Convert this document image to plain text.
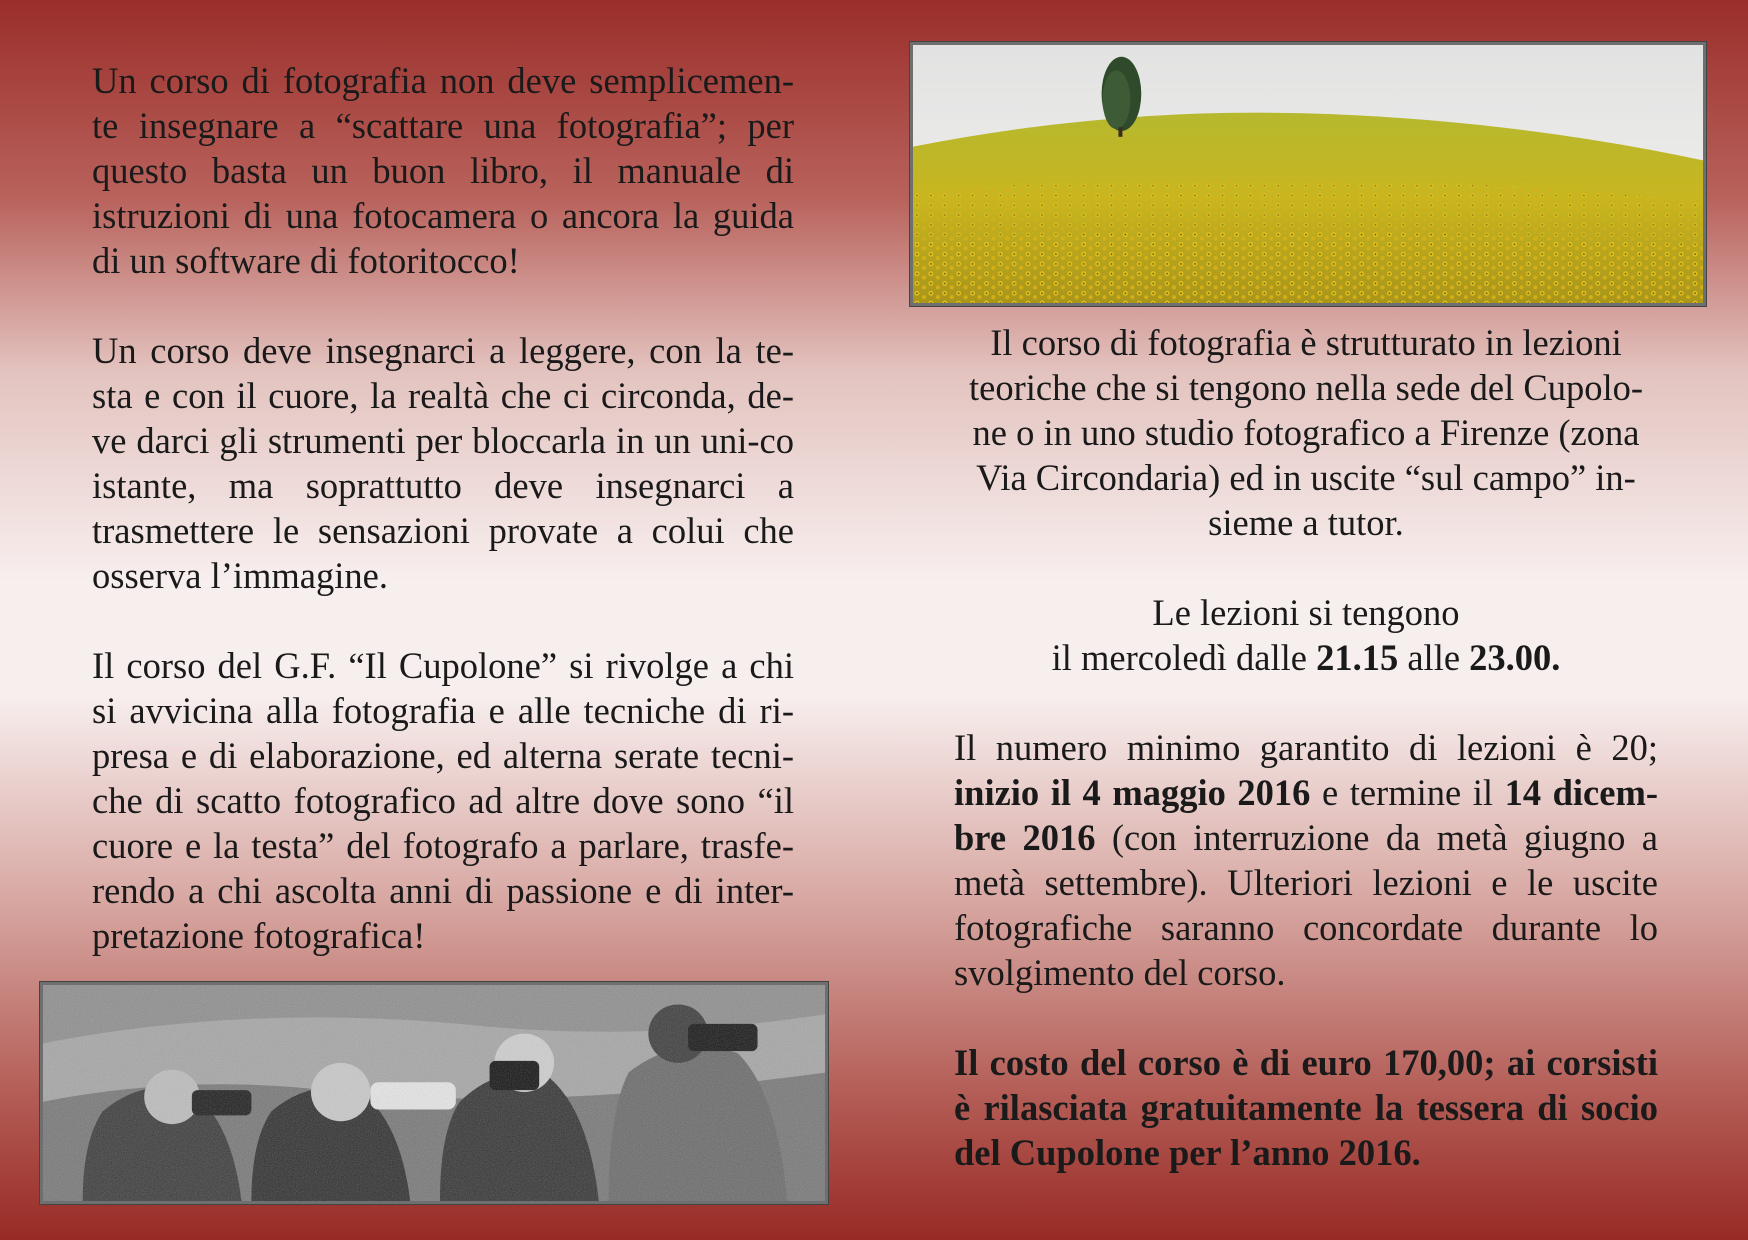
Un corso di fotografia non deve semplicemen-te insegnare a “scattare una fotografia”; per questo basta un buon libro, il manuale di istruzioni di una fotocamera o ancora la guida di un software di fotoritocco!

Un corso deve insegnarci a leggere, con la te-sta e con il cuore, la realtà che ci circonda, de-ve darci gli strumenti per bloccarla in un uni-co istante, ma soprattutto deve insegnarci a trasmettere le sensazioni provate a colui che osserva l’immagine.

Il corso del G.F. “Il Cupolone” si rivolge a chi si avvicina alla fotografia e alle tecniche di ri-presa e di elaborazione, ed alterna serate tecni-che di scatto fotografico ad altre dove sono “il cuore e la testa” del fotografo a parlare, trasfe-rendo a chi ascolta anni di passione e di inter-pretazione fotografica!

Il corso di fotografia è strutturato in lezioni teoriche che si tengono nella sede del Cupolo-ne o in uno studio fotografico a Firenze (zona Via Circondaria) ed in uscite “sul campo” in-sieme a tutor.

Le lezioni si tengono
il mercoledì dalle 21.15 alle 23.00.

Il numero minimo garantito di lezioni è 20; inizio il 4 maggio 2016 e termine il 14 dicem-bre 2016 (con interruzione da metà giugno a metà settembre). Ulteriori lezioni e le uscite fotografiche saranno concordate durante lo svolgimento del corso.

Il costo del corso è di euro 170,00; ai corsisti è rilasciata gratuitamente la tessera di socio del Cupolone per l’anno 2016.
